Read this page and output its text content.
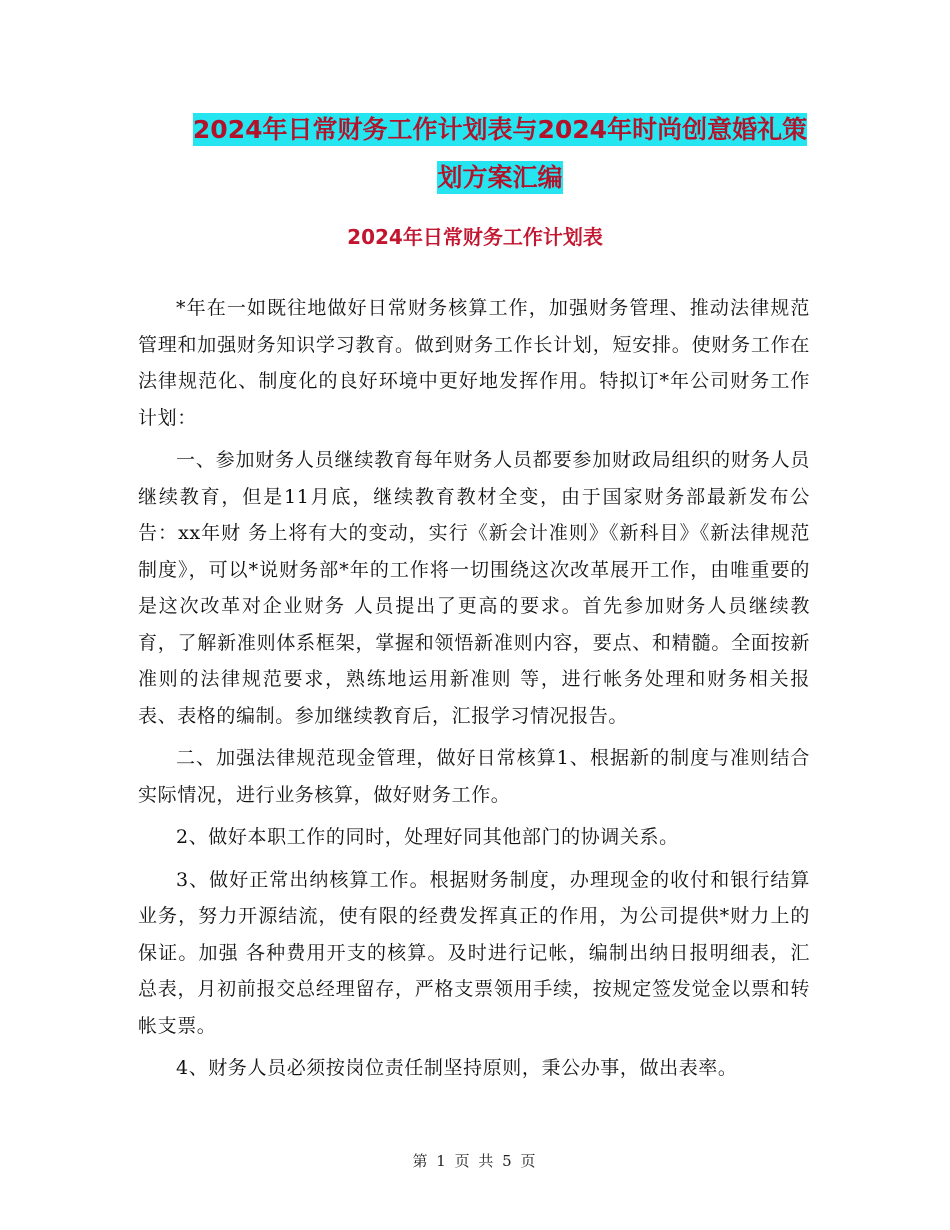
2024年日常财务工作计划表与2024年时尚创意婚礼策
划方案汇编
2024年日常财务工作计划表

*年在一如既往地做好日常财务核算工作，加强财务管理、推动法律规范管理和加强财务知识学习教育。做到财务工作长计划，短安排。使财务工作在法律规范化、制度化的良好环境中更好地发挥作用。特拟订*年公司财务工作计划：

一、参加财务人员继续教育每年财务人员都要参加财政局组织的财务人员继续教育，但是11月底，继续教育教材全变，由于国家财务部最新发布公告：xx年财 务上将有大的变动，实行《新会计准则》《新科目》《新法律规范制度》，可以*说财务部*年的工作将一切围绕这次改革展开工作，由唯重要的是这次改革对企业财务 人员提出了更高的要求。首先参加财务人员继续教育，了解新准则体系框架，掌握和领悟新准则内容，要点、和精髓。全面按新准则的法律规范要求，熟练地运用新准则 等，进行帐务处理和财务相关报表、表格的编制。参加继续教育后，汇报学习情况报告。

二、加强法律规范现金管理，做好日常核算1、根据新的制度与准则结合实际情况，进行业务核算，做好财务工作。

2、做好本职工作的同时，处理好同其他部门的协调关系。

3、做好正常出纳核算工作。根据财务制度，办理现金的收付和银行结算业务，努力开源结流，使有限的经费发挥真正的作用，为公司提供*财力上的保证。加强 各种费用开支的核算。及时进行记帐，编制出纳日报明细表，汇总表，月初前报交总经理留存，严格支票领用手续，按规定签发觉金以票和转帐支票。

4、财务人员必须按岗位责任制坚持原则，秉公办事，做出表率。

第 1 页 共 5 页
